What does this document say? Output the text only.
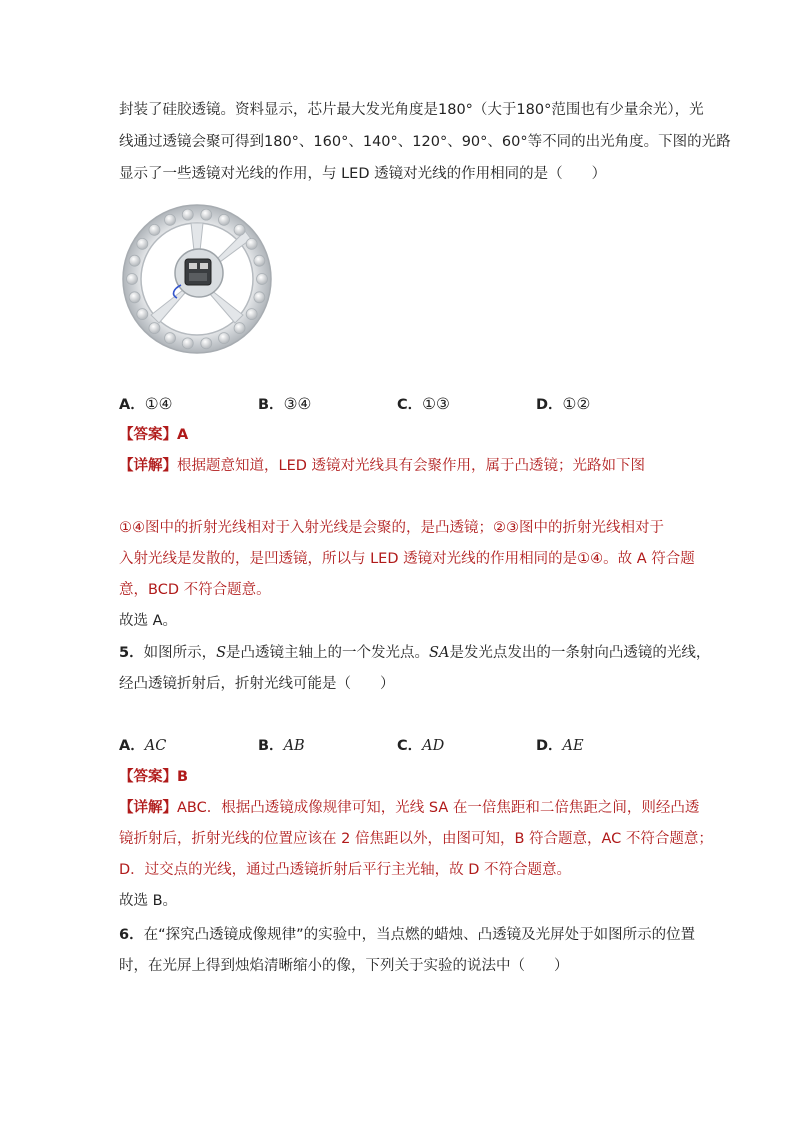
封装了硅胶透镜。资料显示，芯片最大发光角度是180°（大于180°范围也有少量余光），光
线通过透镜会聚可得到180°、160°、140°、120°、90°、60°等不同的出光角度。下图的光路
显示了一些透镜对光线的作用，与 LED 透镜对光线的作用相同的是（　　）
A．①④	B．③④	C．①③	D．①②
【答案】A
【详解】根据题意知道，LED 透镜对光线具有会聚作用，属于凸透镜；光路如下图
①④图中的折射光线相对于入射光线是会聚的，是凸透镜；②③图中的折射光线相对于
入射光线是发散的，是凹透镜，所以与 LED 透镜对光线的作用相同的是①④。故 A 符合题
意，BCD 不符合题意。
故选 A。
5．如图所示，S是凸透镜主轴上的一个发光点。SA是发光点发出的一条射向凸透镜的光线，
经凸透镜折射后，折射光线可能是（　　）
A．AC	B．AB	C．AD	D．AE
【答案】B
【详解】ABC．根据凸透镜成像规律可知，光线 SA 在一倍焦距和二倍焦距之间，则经凸透
镜折射后，折射光线的位置应该在 2 倍焦距以外，由图可知，B 符合题意，AC 不符合题意；
D．过交点的光线，通过凸透镜折射后平行主光轴，故 D 不符合题意。
故选 B。
6．在“探究凸透镜成像规律”的实验中，当点燃的蜡烛、凸透镜及光屏处于如图所示的位置
时，在光屏上得到烛焰清晰缩小的像，下列关于实验的说法中（　　）
